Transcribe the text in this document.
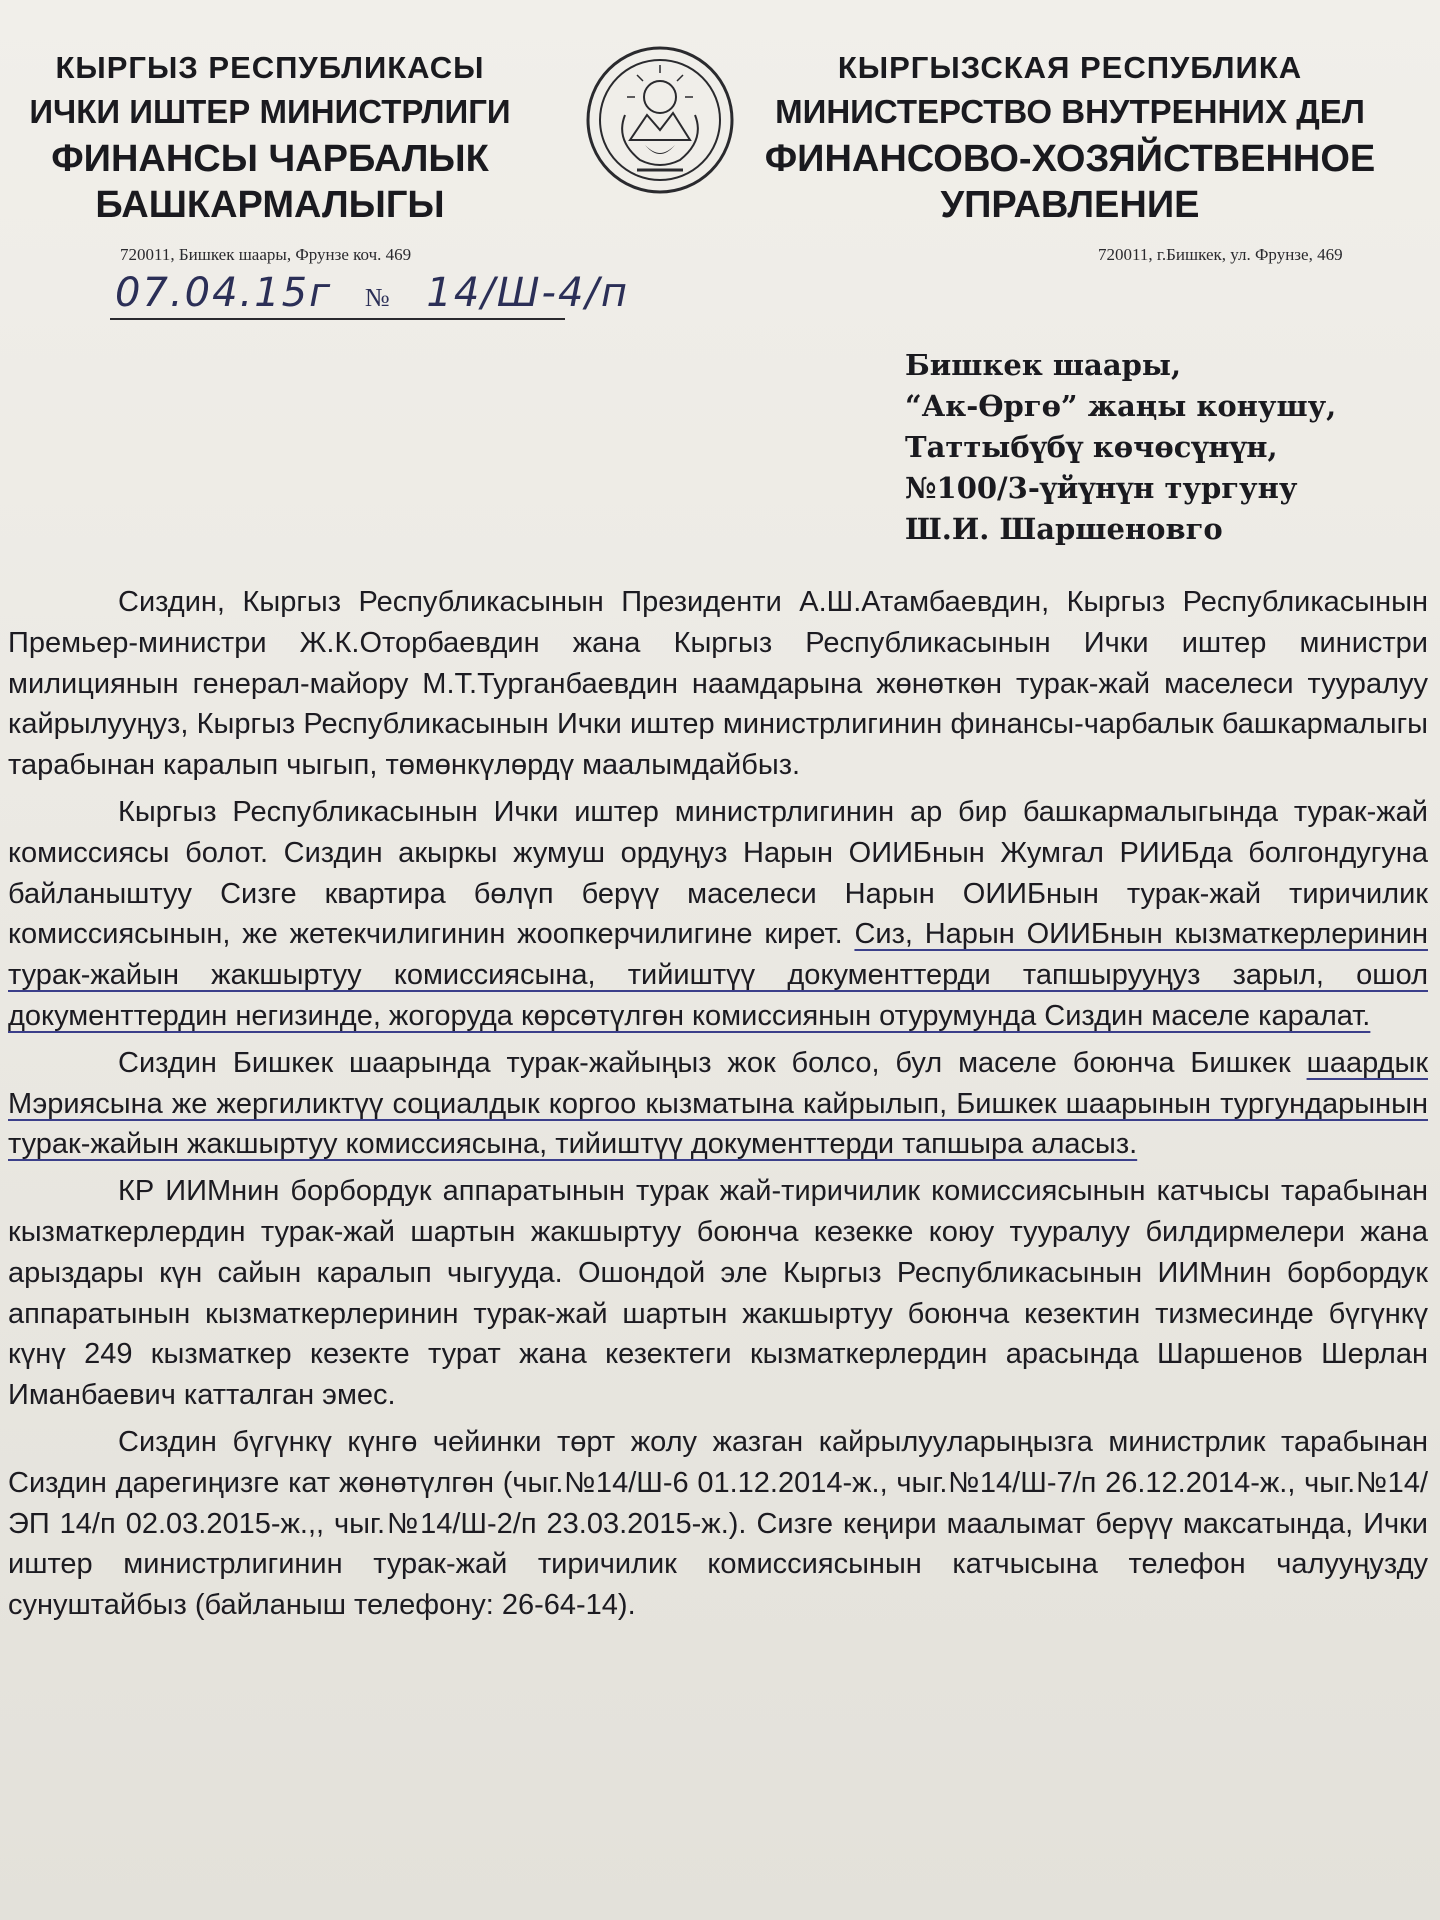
КЫРГЫЗ РЕСПУБЛИКАСЫ
ИЧКИ ИШТЕР МИНИСТРЛИГИ
ФИНАНСЫ ЧАРБАЛЫК
БАШКАРМАЛЫГЫ
КЫРГЫЗСКАЯ РЕСПУБЛИКА
МИНИСТЕРСТВО ВНУТРЕННИХ ДЕЛ
ФИНАНСОВО-ХОЗЯЙСТВЕННОЕ
УПРАВЛЕНИЕ
720011, Бишкек шаары, Фрунзе коч. 469	720011, г.Бишкек, ул. Фрунзе, 469
07.04.15г № 14/Ш-4/п
Бишкек шаары,
“Ак-Өргө” жаңы конушу,
Таттыбүбү көчөсүнүн,
№100/3-үйүнүн тургуну
Ш.И. Шаршеновго
Сиздин, Кыргыз Республикасынын Президенти А.Ш.Атамбаевдин, Кыргыз Республикасынын Премьер-министри Ж.К.Оторбаевдин жана Кыргыз Республикасынын Ички иштер министри милициянын генерал-майору М.Т.Турганбаевдин наамдарына жөнөткөн турак-жай маселеси тууралуу кайрылууңуз, Кыргыз Республикасынын Ички иштер министрлигинин финансы-чарбалык башкармалыгы тарабынан каралып чыгып, төмөнкүлөрдү маалымдайбыз.
Кыргыз Республикасынын Ички иштер министрлигинин ар бир башкармалыгында турак-жай комиссиясы болот. Сиздин акыркы жумуш ордуңуз Нарын ОИИБнын Жумгал РИИБда болгондугуна байланыштуу Сизге квартира бөлүп берүү маселеси Нарын ОИИБнын турак-жай тиричилик комиссиясынын, же жетекчилигинин жоопкерчилигине кирет. Сиз, Нарын ОИИБнын кызматкерлеринин турак-жайын жакшыртуу комиссиясына, тийиштүү документтерди тапшырууңуз зарыл, ошол документтердин негизинде, жогоруда көрсөтүлгөн комиссиянын отурумунда Сиздин маселе каралат.
Сиздин Бишкек шаарында турак-жайыңыз жок болсо, бул маселе боюнча Бишкек шаардык Мэриясына же жергиликтүү социалдык коргоо кызматына кайрылып, Бишкек шаарынын тургундарынын турак-жайын жакшыртуу комиссиясына, тийиштүү документтерди тапшыра аласыз.
КР ИИМнин борбордук аппаратынын турак жай-тиричилик комиссиясынын катчысы тарабынан кызматкерлердин турак-жай шартын жакшыртуу боюнча кезекке коюу тууралуу билдирмелери жана арыздары күн сайын каралып чыгууда. Ошондой эле Кыргыз Республикасынын ИИМнин борбордук аппаратынын кызматкерлеринин турак-жай шартын жакшыртуу боюнча кезектин тизмесинде бүгүнкү күнү 249 кызматкер кезекте турат жана кезектеги кызматкерлердин арасында Шаршенов Шерлан Иманбаевич катталган эмес.
Сиздин бүгүнкү күнгө чейинки төрт жолу жазган кайрылууларыңызга министрлик тарабынан Сиздин дарегиңизге кат жөнөтүлгөн (чыг.№14/Ш-6 01.12.2014-ж., чыг.№14/Ш-7/п 26.12.2014-ж., чыг.№14/ЭП 14/п 02.03.2015-ж.,, чыг.№14/Ш-2/п 23.03.2015-ж.). Сизге кеңири маалымат берүү максатында, Ички иштер министрлигинин турак-жай тиричилик комиссиясынын катчысына телефон чалууңузду сунуштайбыз (байланыш телефону: 26-64-14).
